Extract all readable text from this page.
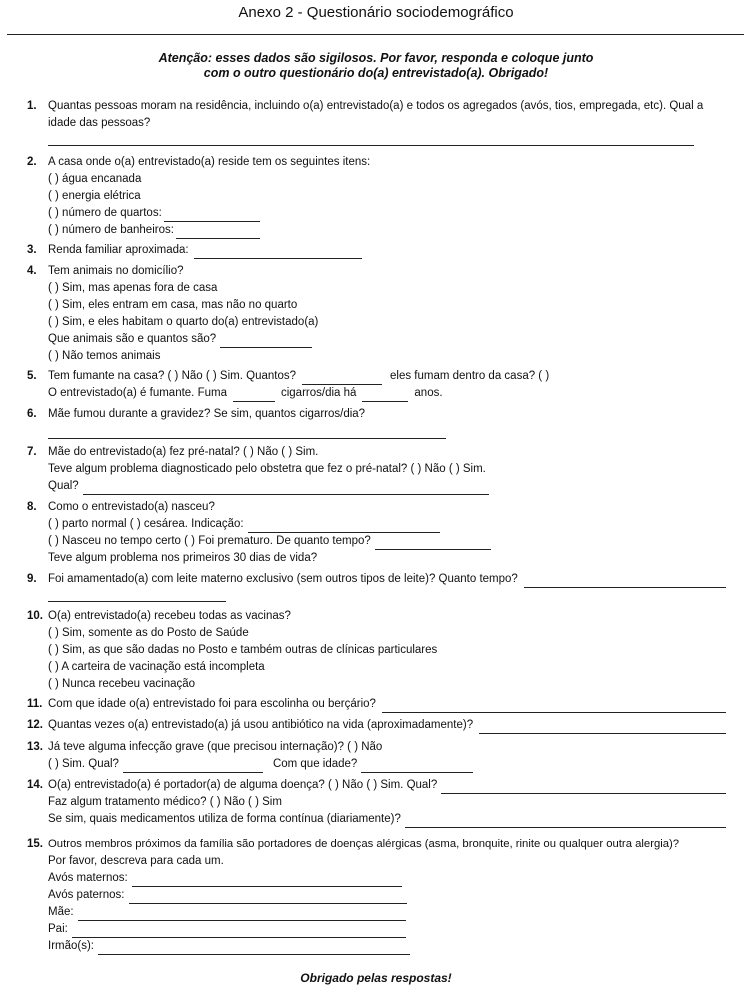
Anexo 2 - Questionário sociodemográfico
Atenção: esses dados são sigilosos. Por favor, responda e coloque junto
com o outro questionário do(a) entrevistado(a). Obrigado!
1. Quantas pessoas moram na residência, incluindo o(a) entrevistado(a) e todos os agregados (avós, tios, empregada, etc). Qual a idade das pessoas?
2. A casa onde o(a) entrevistado(a) reside tem os seguintes itens:
( ) água encanada
( ) energia elétrica
( ) número de quartos:
( ) número de banheiros:
3. Renda familiar aproximada:
4. Tem animais no domicílio?
( ) Sim, mas apenas fora de casa
( ) Sim, eles entram em casa, mas não no quarto
( ) Sim, e eles habitam o quarto do(a) entrevistado(a)
Que animais são e quantos são?
( ) Não temos animais
5. Tem fumante na casa? ( ) Não ( ) Sim. Quantos?	eles fumam dentro da casa? ( )
O entrevistado(a) é fumante. Fuma	cigarros/dia há	anos.
6. Mãe fumou durante a gravidez? Se sim, quantos cigarros/dia?
7. Mãe do entrevistado(a) fez pré-natal? ( ) Não ( ) Sim.
Teve algum problema diagnosticado pelo obstetra que fez o pré-natal? ( ) Não ( ) Sim.
Qual?
8. Como o entrevistado(a) nasceu?
( ) parto normal ( ) cesárea. Indicação:
( ) Nasceu no tempo certo ( ) Foi prematuro. De quanto tempo?
Teve algum problema nos primeiros 30 dias de vida?
9. Foi amamentado(a) com leite materno exclusivo (sem outros tipos de leite)? Quanto tempo?
10. O(a) entrevistado(a) recebeu todas as vacinas?
( ) Sim, somente as do Posto de Saúde
( ) Sim, as que são dadas no Posto e também outras de clínicas particulares
( ) A carteira de vacinação está incompleta
( ) Nunca recebeu vacinação
11. Com que idade o(a) entrevistado foi para escolinha ou berçário?
12. Quantas vezes o(a) entrevistado(a) já usou antibiótico na vida (aproximadamente)?
13. Já teve alguma infecção grave (que precisou internação)? ( ) Não
( ) Sim. Qual?	Com que idade?
14. O(a) entrevistado(a) é portador(a) de alguma doença? ( ) Não ( ) Sim. Qual?
Faz algum tratamento médico? ( ) Não ( ) Sim
Se sim, quais medicamentos utiliza de forma contínua (diariamente)?
15. Outros membros próximos da família são portadores de doenças alérgicas (asma, bronquite, rinite ou qualquer outra alergia)?
Por favor, descreva para cada um.
Avós maternos:
Avós paternos:
Mãe:
Pai:
Irmão(s):
Obrigado pelas respostas!
